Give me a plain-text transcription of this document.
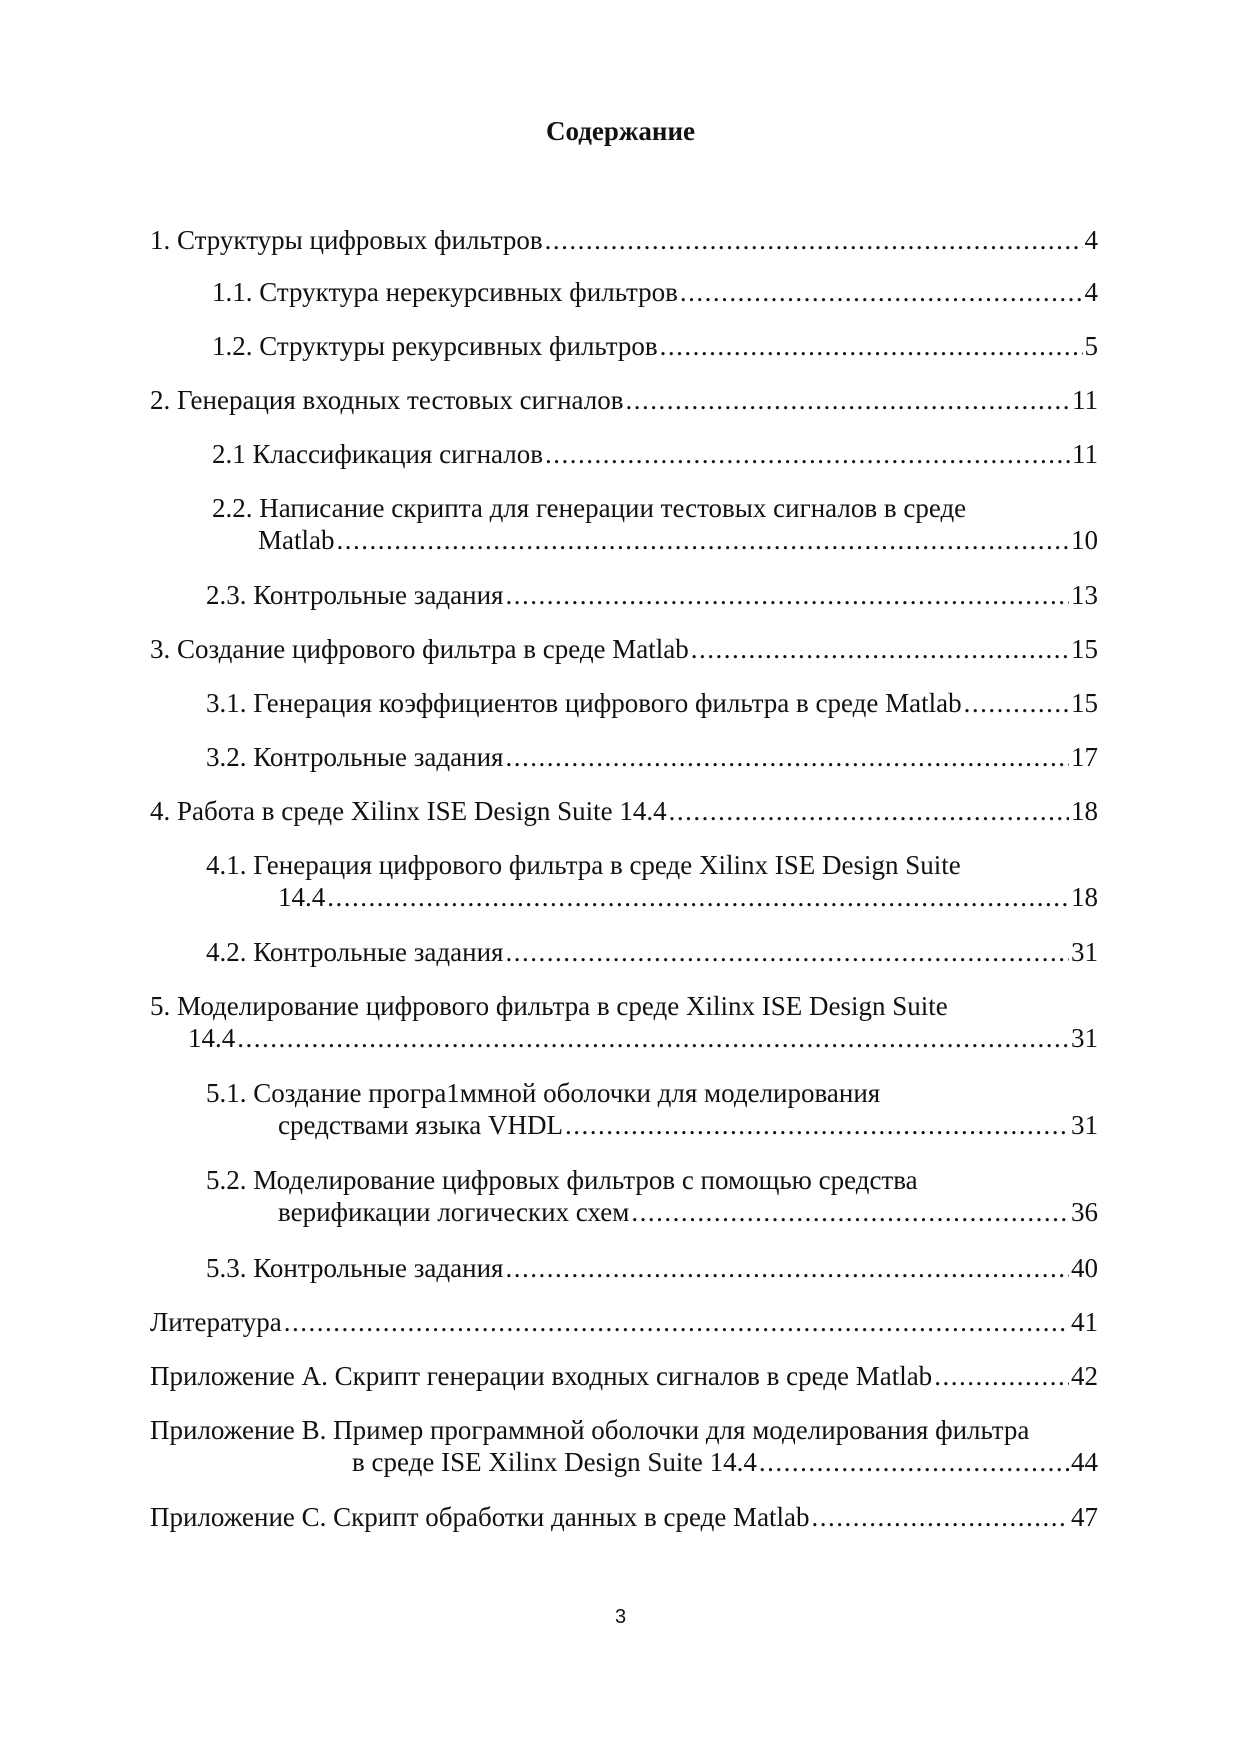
Содержание
1. Структуры цифровых фильтров .....	4
1.1. Структура нерекурсивных фильтров .....	4
1.2. Структуры рекурсивных фильтров .....	5
2. Генерация входных тестовых сигналов .....	11
2.1 Классификация сигналов .....	11
2.2. Написание скрипта для генерации тестовых сигналов в среде
Matlab .....	10
2.3. Контрольные задания .....	13
3. Создание цифрового фильтра в среде Matlab .....	15
3.1. Генерация коэффициентов цифрового фильтра в среде Matlab .....	15
3.2. Контрольные задания .....	17
4. Работа в среде Xilinx ISE Design Suite 14.4 .....	18
4.1. Генерация цифрового фильтра в среде Xilinx ISE Design Suite
14.4 .....	18
4.2. Контрольные задания .....	31
5. Моделирование цифрового фильтра в среде Xilinx ISE Design Suite
14.4 .....	31
5.1. Создание програ1ммной оболочки для моделирования
средствами языка VHDL .....	31
5.2. Моделирование цифровых фильтров с помощью средства
верификации логических схем .....	36
5.3. Контрольные задания .....	40
Литература .....	41
Приложение А. Скрипт генерации входных сигналов в среде Matlab .....	42
Приложение В. Пример программной оболочки для моделирования фильтра
в среде ISE Xilinx Design Suite 14.4 .....	44
Приложение С. Скрипт обработки данных в среде Matlab .....	47
3
